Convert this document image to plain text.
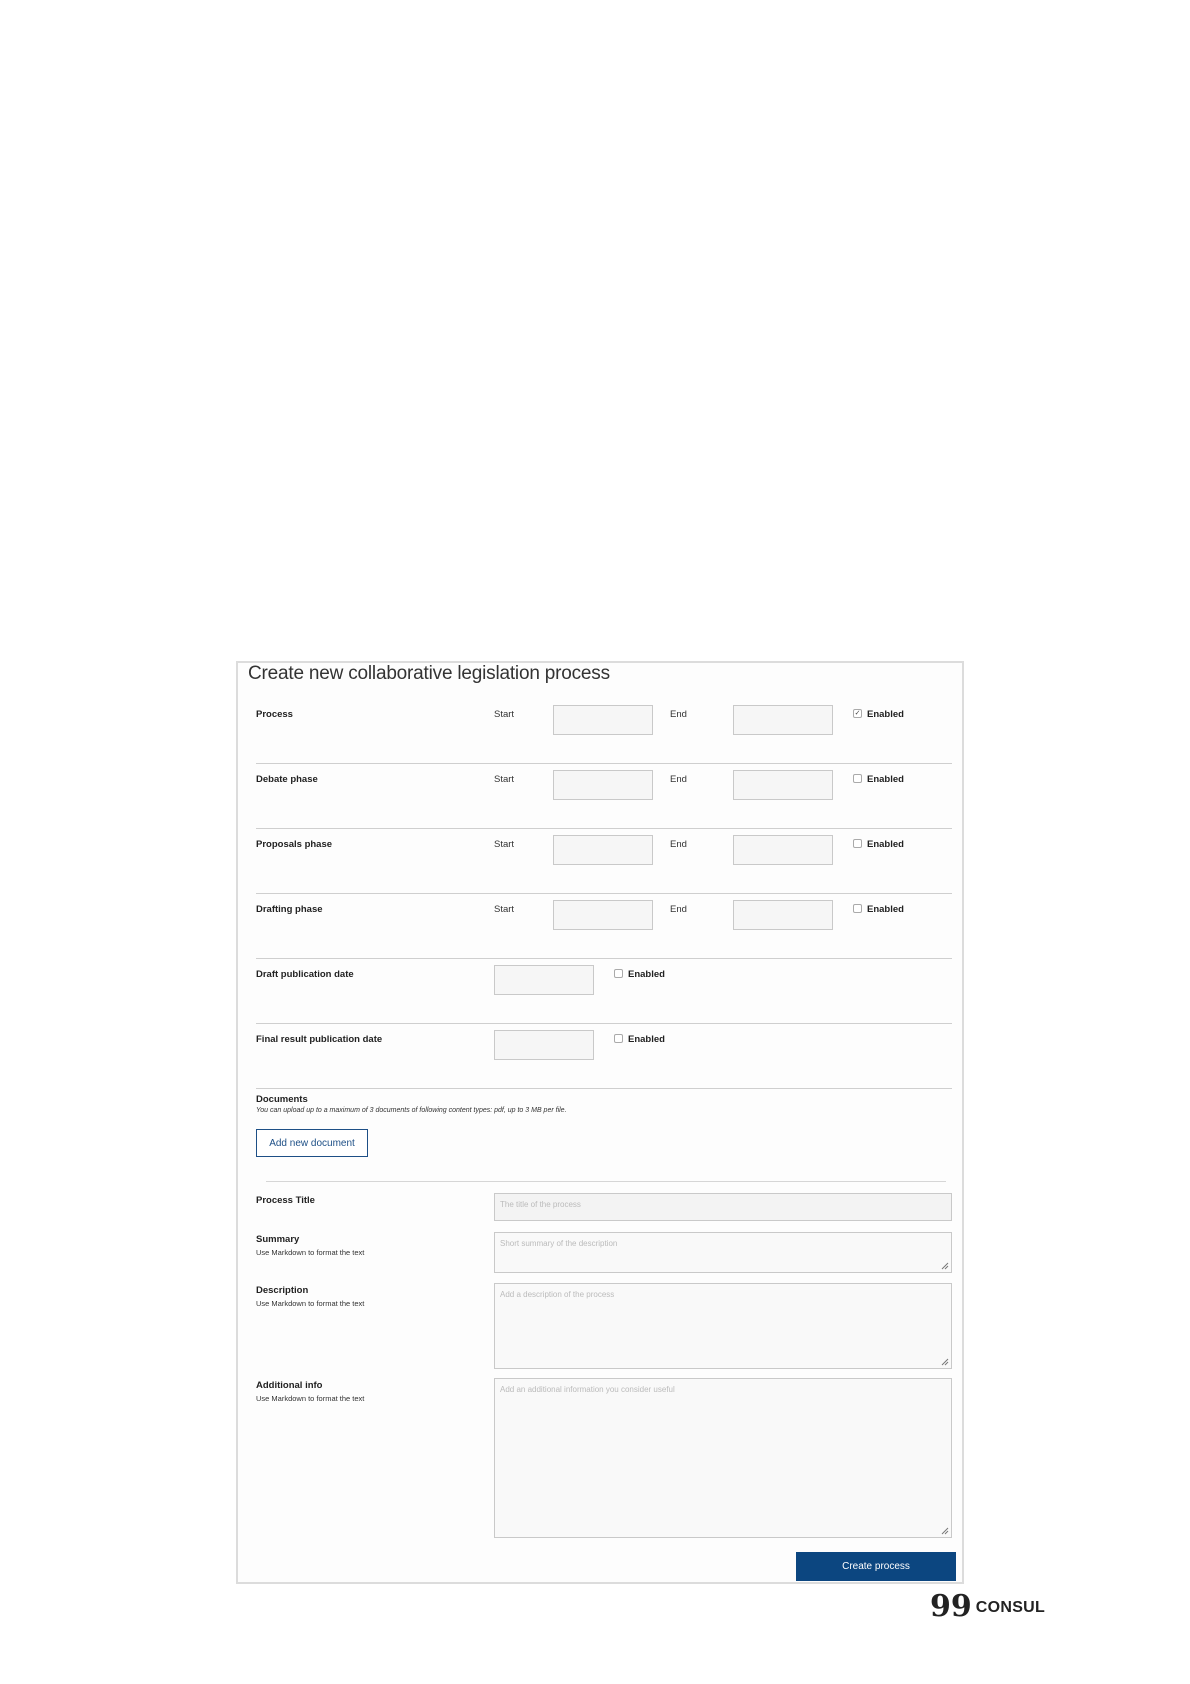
Create new collaborative legislation process
Process	Start	End	✓ Enabled
Debate phase	Start	End	Enabled
Proposals phase	Start	End	Enabled
Drafting phase	Start	End	Enabled
Draft publication date	Enabled
Final result publication date	Enabled
Documents
You can upload up to a maximum of 3 documents of following content types: pdf, up to 3 MB per file.
Add new document
Process Title	The title of the process
Summary
Use Markdown to format the text
Short summary of the description
Description
Use Markdown to format the text
Add a description of the process
Additional info
Use Markdown to format the text
Add an additional information you consider useful
Create process
99 CONSUL
